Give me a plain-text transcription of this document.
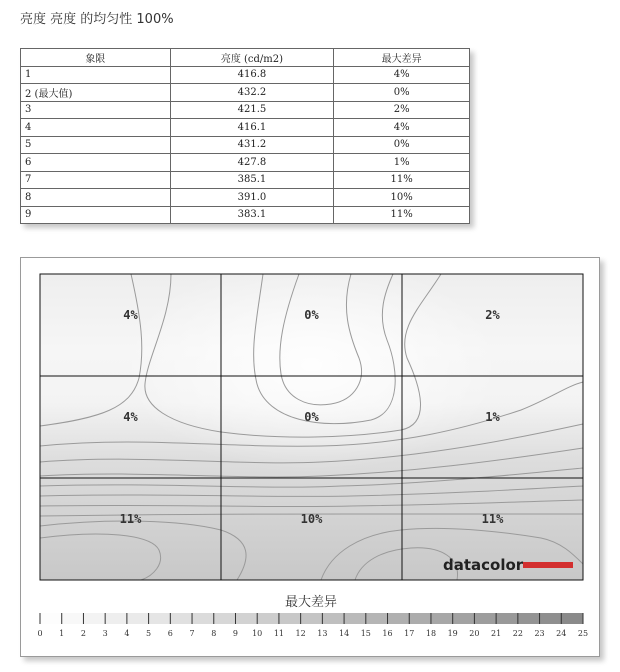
亮度 亮度 的均匀性 100%
象限	亮度 (cd/m2)	最大差异
1	416.8	4%
2 (最大值)	432.2	0%
3	421.5	2%
4	416.1	4%
5	431.2	0%
6	427.8	1%
7	385.1	11%
8	391.0	10%
9	383.1	11%
4%	0%	2%
4%	0%	1%
11%	10%	11%
datacolor
最大差异
0 1 2 3 4 5 6 7 8 9 10 11 12 13 14 15 16 17 18 19 20 21 22 23 24 25
